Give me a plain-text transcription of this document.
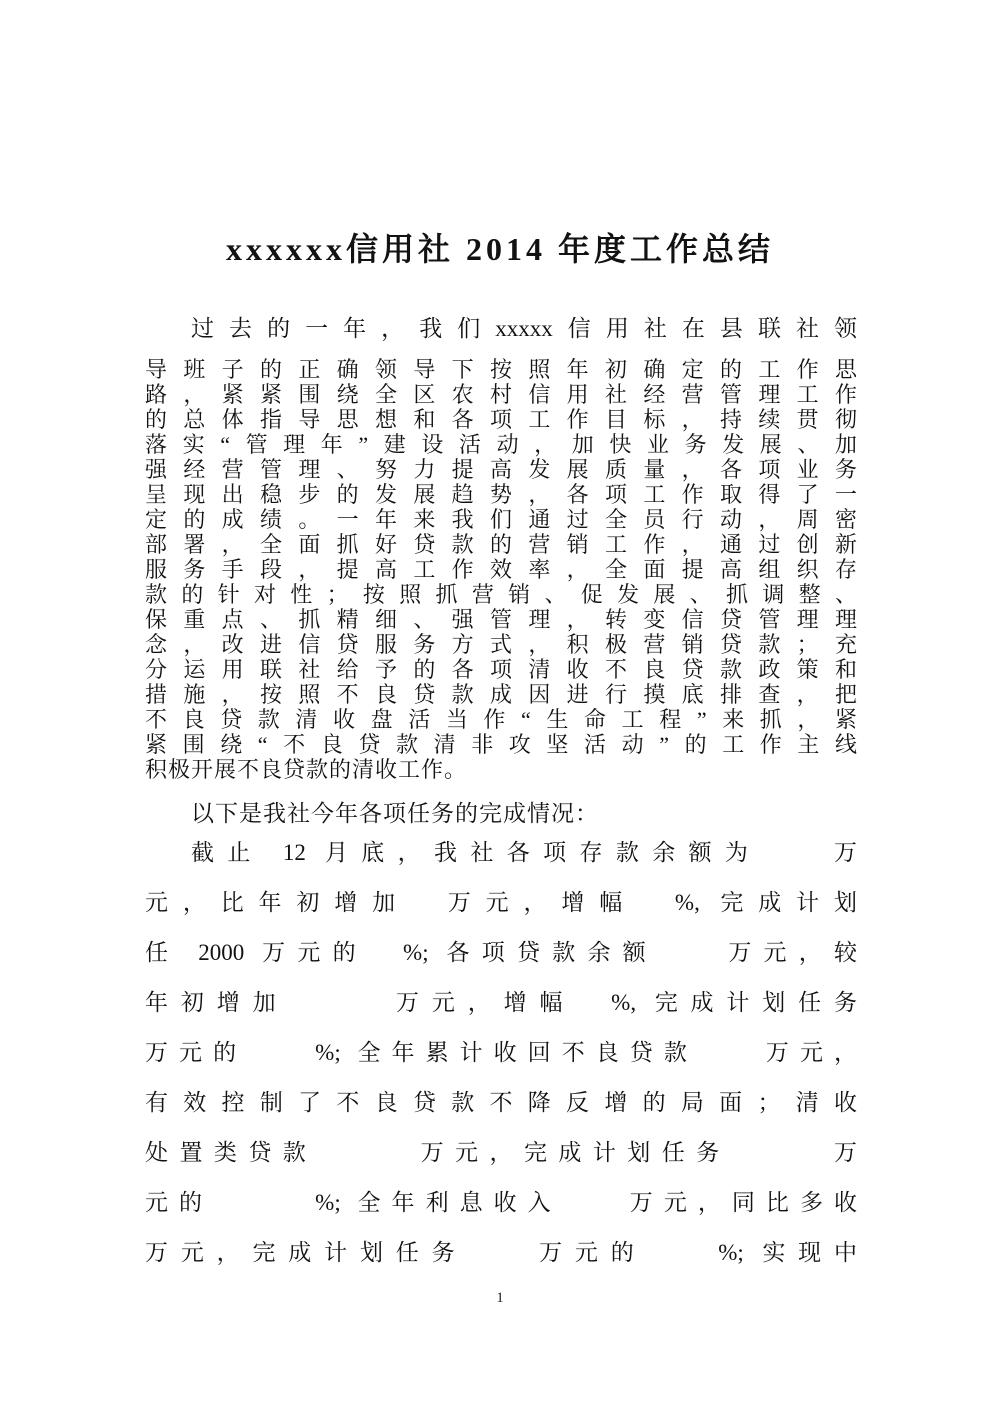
xxxxxx信用社 2014 年度工作总结
过去的一年，我们xxxxx信用社在县联社领
导班子的正确领导下按照年初确定的工作思
路，紧紧围绕全区农村信用社经营管理工作
的总体指导思想和各项工作目标，持续贯彻
落实“管理年”建设活动，加快业务发展、加
强经营管理、努力提高发展质量，各项业务
呈现出稳步的发展趋势，各项工作取得了一
定的成绩。一年来我们通过全员行动，周密
部署，全面抓好贷款的营销工作，通过创新
服务手段，提高工作效率，全面提高组织存
款的针对性；按照抓营销、促发展、抓调整、
保重点、抓精细、强管理，转变信贷管理理
念，改进信贷服务方式，积极营销贷款；充
分运用联社给予的各项清收不良贷款政策和
措施，按照不良贷款成因进行摸底排查，把
不良贷款清收盘活当作“生命工程”来抓，紧
紧围绕“不良贷款清非攻坚活动”的工作主线
积极开展不良贷款的清收工作。
以下是我社今年各项任务的完成情况：
截止 12 月底，我社各项存款余额为　　万
元，比年初增加　万元，增幅　%, 完成计划
任 2000 万元的　%; 各项贷款余额　　万元，较
年初增加　　　万元，增幅　%, 完成计划任务
万元的　　%; 全年累计收回不良贷款　　万元，
有效控制了不良贷款不降反增的局面；清收
处置类贷款　　　万元，完成计划任务　　　万
元的　　　%; 全年利息收入　　万元，同比多收
万元，完成计划任务　　万元的　　%; 实现中
1
